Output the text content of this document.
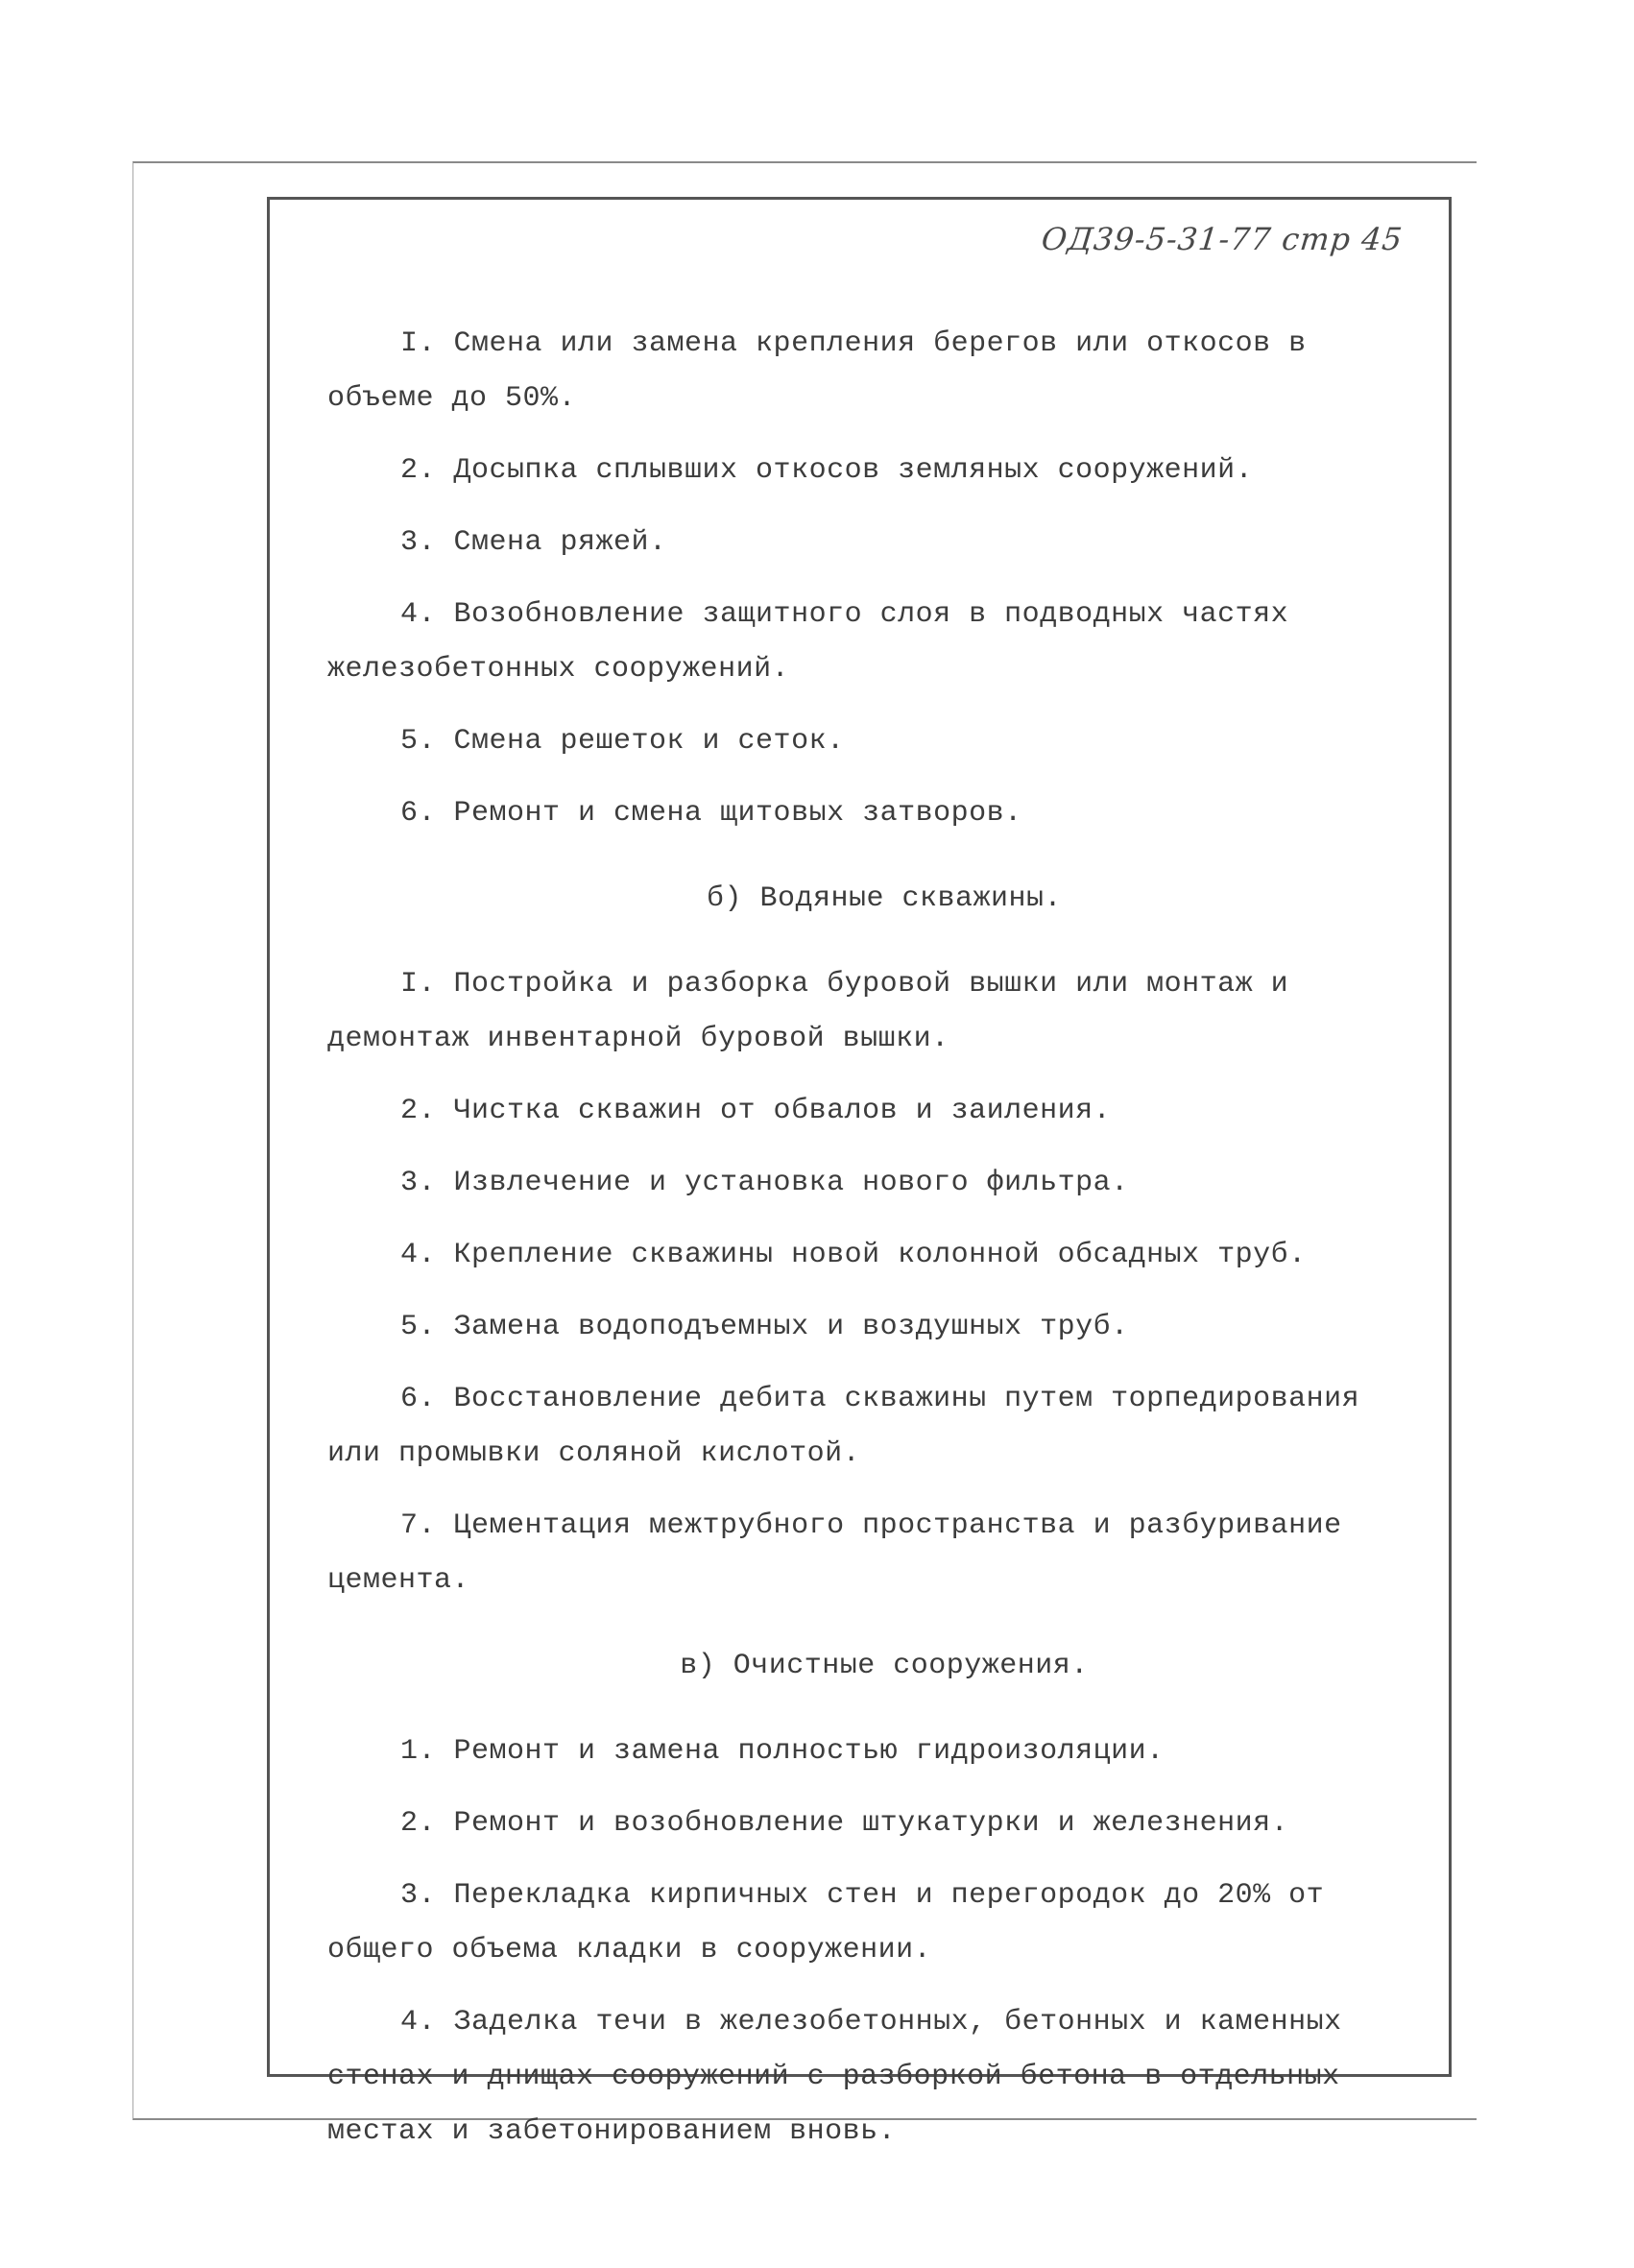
ОД39-5-31-77 стр 45

I. Смена или замена крепления берегов или откосов в объеме до 50%.

2. Досыпка сплывших откосов земляных сооружений.

3. Смена ряжей.

4. Возобновление защитного слоя в подводных частях железобетонных сооружений.

5. Смена решеток и сеток.

6. Ремонт и смена щитовых затворов.

б) Водяные скважины.

I. Постройка и разборка буровой вышки или монтаж и демонтаж инвентарной буровой вышки.

2. Чистка скважин от обвалов и заиления.

3. Извлечение и установка нового фильтра.

4. Крепление скважины новой колонной обсадных труб.

5. Замена водоподъемных и воздушных труб.

6. Восстановление дебита скважины путем торпедирования или промывки соляной кислотой.

7. Цементация межтрубного пространства и разбуривание цемента.

в) Очистные сооружения.

1. Ремонт и замена полностью гидроизоляции.

2. Ремонт и возобновление штукатурки и железнения.

3. Перекладка кирпичных стен и перегородок до 20% от общего объема кладки в сооружении.

4. Заделка течи в железобетонных, бетонных и каменных стенах и днищах сооружений с разборкой бетона в отдельных местах и забетонированием вновь.
